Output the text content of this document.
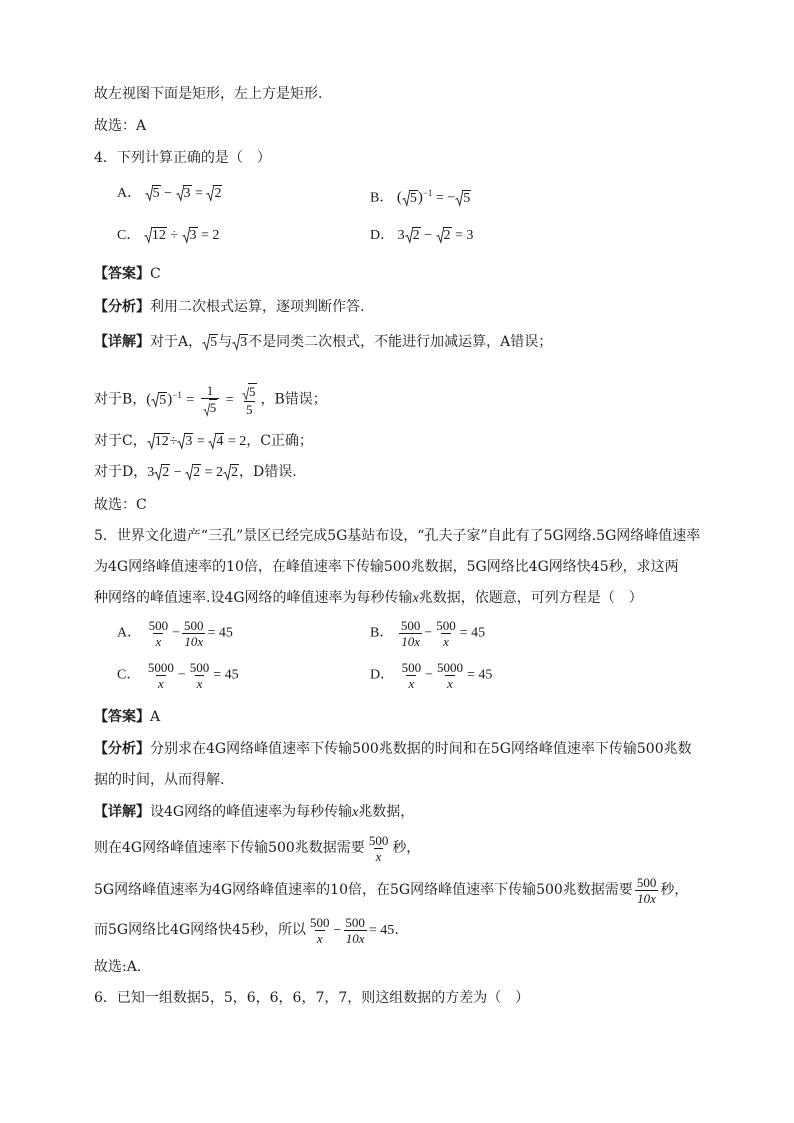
故左视图下面是矩形，左上方是矩形.
故选：A
4．下列计算正确的是（　）
A． 5 − 3 = 2	B． ( 5)$^{-1}$ = − 5
C． 12 ÷ 3 = 2	D． 3 2 − 2 = 3
【答案】C
【分析】利用二次根式运算，逐项判断作答.
【详解】对于A， 5与 3不是同类二次根式，不能进行加减运算，A错误；
对于B，( $5)^{-1} = \frac{1}{5} = \frac{5}{5}$ ，B错误；
对于C， 12÷ 3 = 4 = 2，C正确；
对于D，3 2 − 2 = 2 2，D错误.
故选：C
5．世界文化遗产“三孔”景区已经完成5G基站布设，“孔夫子家”自此有了5G网络.5G网络峰值速率
为4G网络峰值速率的10倍，在峰值速率下传输500兆数据，5G网络比4G网络快45秒，求这两
种网络的峰值速率.设4G网络的峰值速率为每秒传输x兆数据，依题意，可列方程是（　）
A． $\frac{500}{x} - \frac{500}{10x} = 45$	B． $\frac{500}{10x} - \frac{500}{x} = 45$
C． $\frac{5000}{x} - \frac{500}{x} = 45$	D． $\frac{500}{x} - \frac{5000}{x} = 45$
【答案】A
【分析】分别求在4G网络峰值速率下传输500兆数据的时间和在5G网络峰值速率下传输500兆数
据的时间，从而得解.
【详解】设4G网络的峰值速率为每秒传输x兆数据，
则在4G网络峰值速率下传输500兆数据需要 $\frac{500}{x}$ 秒，
5G网络峰值速率为4G网络峰值速率的10倍，在5G网络峰值速率下传输500兆数据需要 $\frac{500}{10x}$ 秒，
而5G网络比4G网络快45秒，所以 $\frac{500}{x} - \frac{500}{10x} = 45$.
故选:A.
6．已知一组数据5，5，6，6，6，7，7，则这组数据的方差为（　）
